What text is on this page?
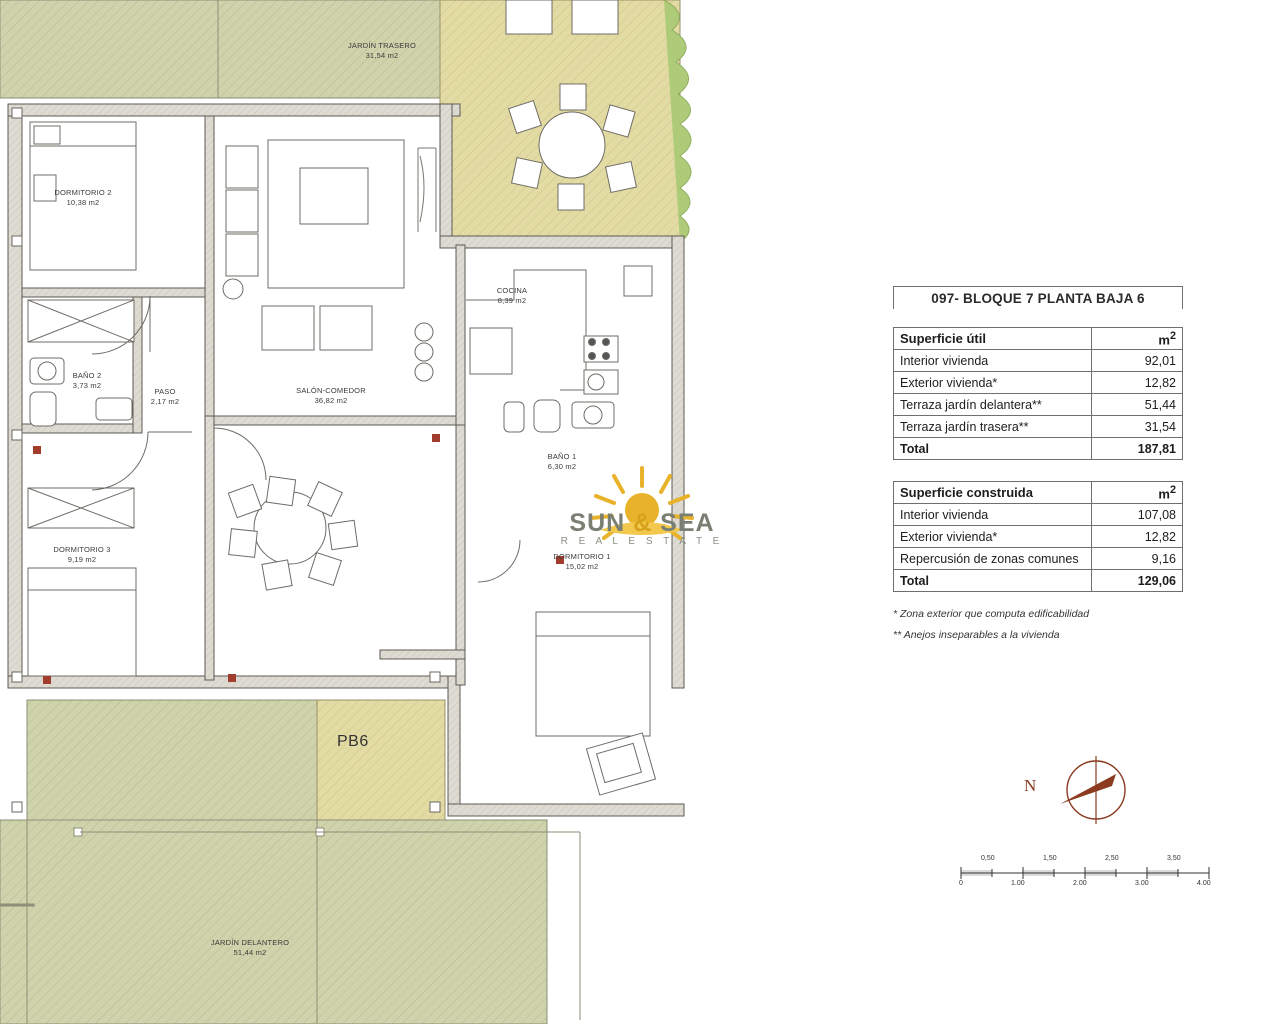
JARDÍN TRASERO
31,54 m2
DORMITORIO 2
10,38 m2
COCINA
8,39 m2
BAÑO 2
3,73 m2
PASO
2,17 m2
SALÓN-COMEDOR
36,82 m2
BAÑO 1
6,30 m2
DORMITORIO 3
9,19 m2	DORMITORIO 1
15,02 m2
JARDÍN DELANTERO
51,44 m2
PB6
SUN & SEA
R E A L E S T A T E
097- BLOQUE 7 PLANTA BAJA 6
Superficie útil	$m^2$
Interior vivienda	92,01
Exterior vivienda*	12,82
Terraza jardín delantera**	51,44
Terraza jardín trasera**	31,54
Total	187,81
Superficie construida	$m^2$
Interior vivienda	107,08
Exterior vivienda*	12,82
Repercusión de zonas comunes	9,16
Total	129,06
* Zona exterior que computa edificabilidad
** Anejos inseparables a la vivienda
N
0,50	1,50	2,50	3,50
0	1.00	2.00	3.00	4.00
